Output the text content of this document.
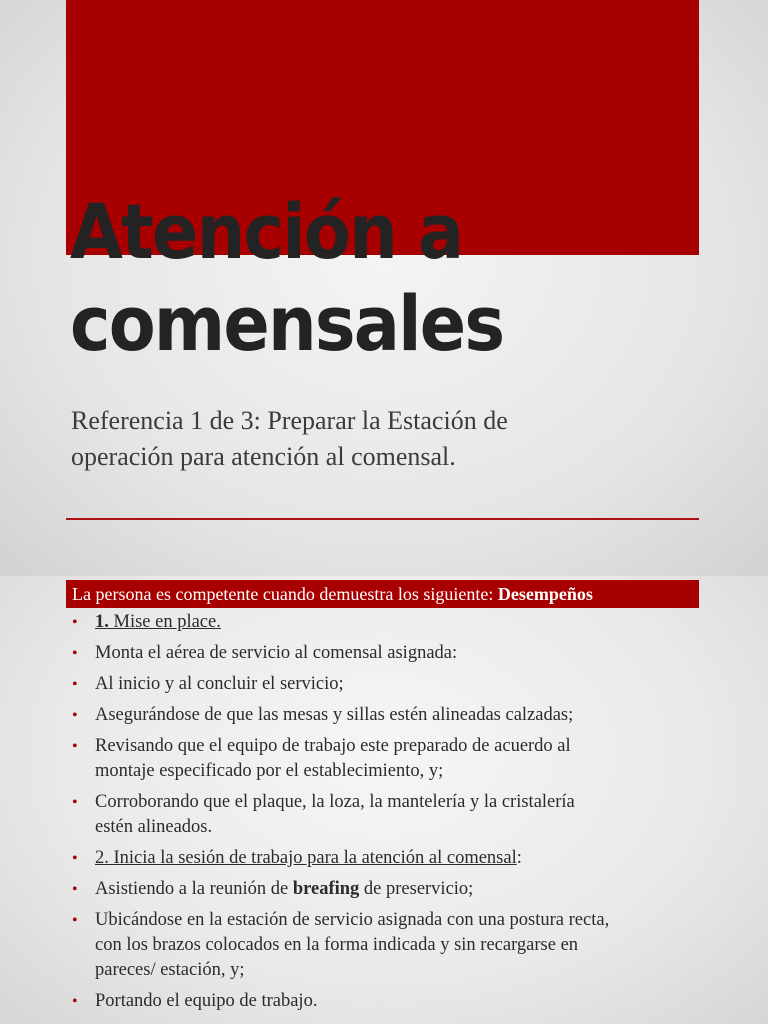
Atención a
comensales

Referencia 1 de 3: Preparar la Estación de
operación para atención al comensal.

La persona es competente cuando demuestra los siguiente: Desempeños
• 1. Mise en place.
• Monta el aérea de servicio al comensal asignada:
• Al inicio y al concluir el servicio;
• Asegurándose de que las mesas y sillas estén alineadas calzadas;
• Revisando que el equipo de trabajo este preparado de acuerdo al
montaje especificado por el establecimiento, y;
• Corroborando que el plaque, la loza, la mantelería y la cristalería
estén alineados.
• 2. Inicia la sesión de trabajo para la atención al comensal:
• Asistiendo a la reunión de breafing de preservicio;
• Ubicándose en la estación de servicio asignada con una postura recta,
con los brazos colocados en la forma indicada y sin recargarse en
pareces/ estación, y;
• Portando el equipo de trabajo.
